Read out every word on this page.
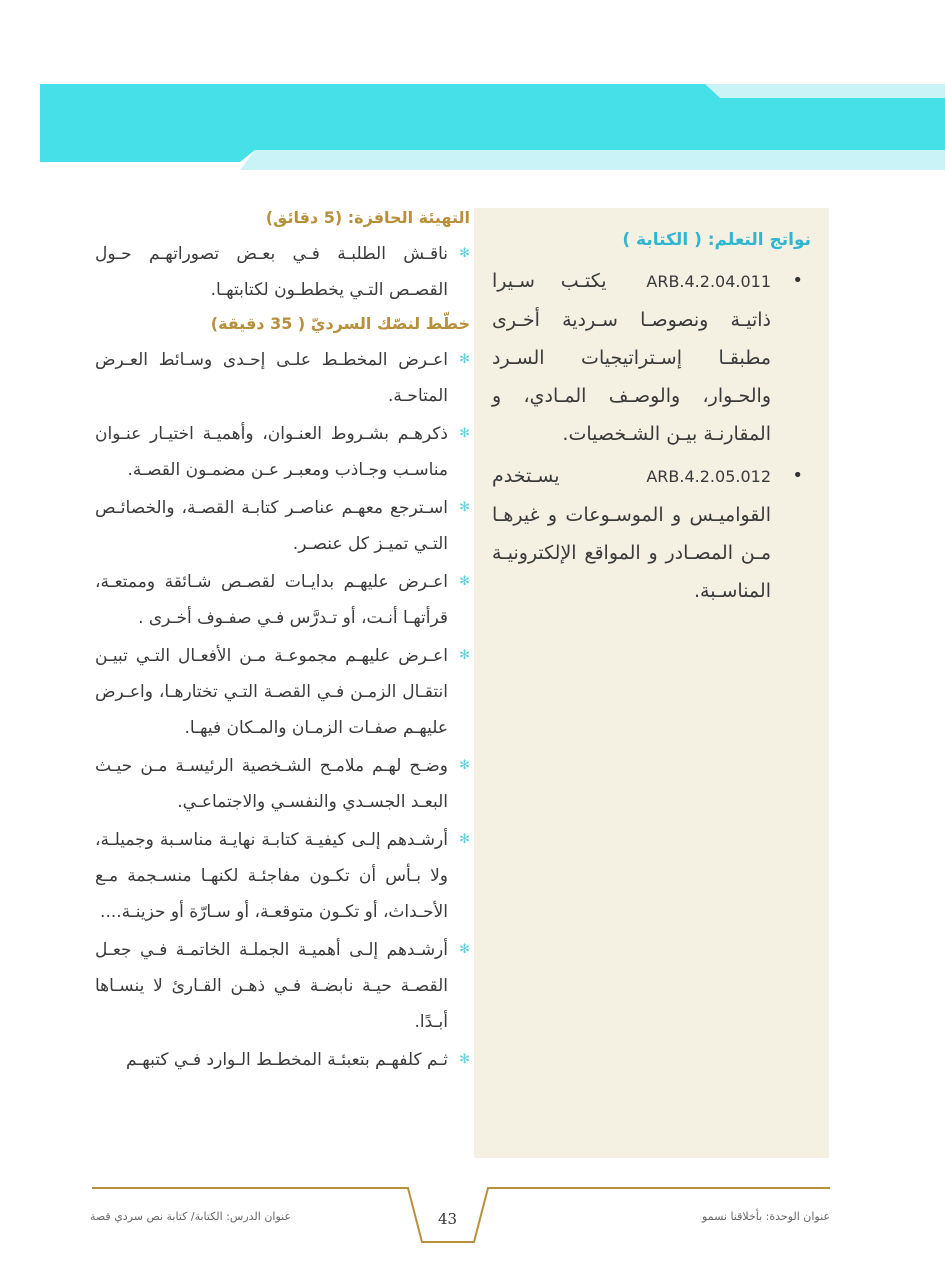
التهيئة الحافزة: (5 دقائق)
✻
ناقـش الطلبـة فـي بعـض تصوراتهـم حـول القصـص التـي يخططـون لكتابتهـا.
خطّط لنصّك السرديّ ( 35 دقيقة)
✻
اعـرض المخطـط علـى إحـدى وسـائط العـرض المتاحـة.
✻
ذكرهـم بشـروط العنـوان، وأهميـة اختيـار عنـوان مناسـب وجـاذب ومعبـر عـن مضمـون القصـة.
✻
اسـترجع معهـم عناصـر كتابـة القصـة، والخصائـص التـي تميـز كل عنصـر.
✻
اعـرض عليهـم بدايـات لقصـص شـائقة وممتعـة، قرأتهـا أنـت، أو تـدرَّس فـي صفـوف أخـرى .
✻
اعـرض عليهـم مجموعـة مـن الأفعـال التـي تبيـن انتقـال الزمـن فـي القصـة التـي تختارهـا، واعـرض عليهـم صفـات الزمـان والمـكان فيهـا.
✻
وضـح لهـم ملامـح الشـخصية الرئيسـة مـن حيـث البعـد الجسـدي والنفسـي والاجتماعـي.
✻
أرشـدهم إلـى كيفيـة كتابـة نهايـة مناسـبة وجميلـة، ولا بـأس أن تكـون مفاجئـة لكنهـا منسـجمة مـع الأحـداث، أو تكـون متوقعـة، أو سـارّة أو حزينـة....
✻
أرشـدهم إلـى أهميـة الجملـة الخاتمـة فـي جعـل القصـة حيـة نابضـة فـي ذهـن القـارئ لا ينسـاها أبـدًا.
✻
ثـم كلفهـم بتعبئـة المخطـط الـوارد فـي كتبهـم
نواتج التعلم: ( الكتابة )
•
ARB.4.2.04.011 يكتـب سـيرا ذاتيـة ونصوصـا سـردية أخـرى مطبقـا إسـتراتيجيات السـرد والحـوار، والوصـف المـادي، و المقارنـة بيـن الشـخصيات.
•
ARB.4.2.05.012 يسـتخدم القواميـس و الموسـوعات و غيرهـا مـن المصـادر و المواقع الإلكترونيـة المناسـبة.
عنوان الدرس: الكتابة/ كتابة نص سردي قصة	43	عنوان الوحدة: بأخلاقنا نسمو
